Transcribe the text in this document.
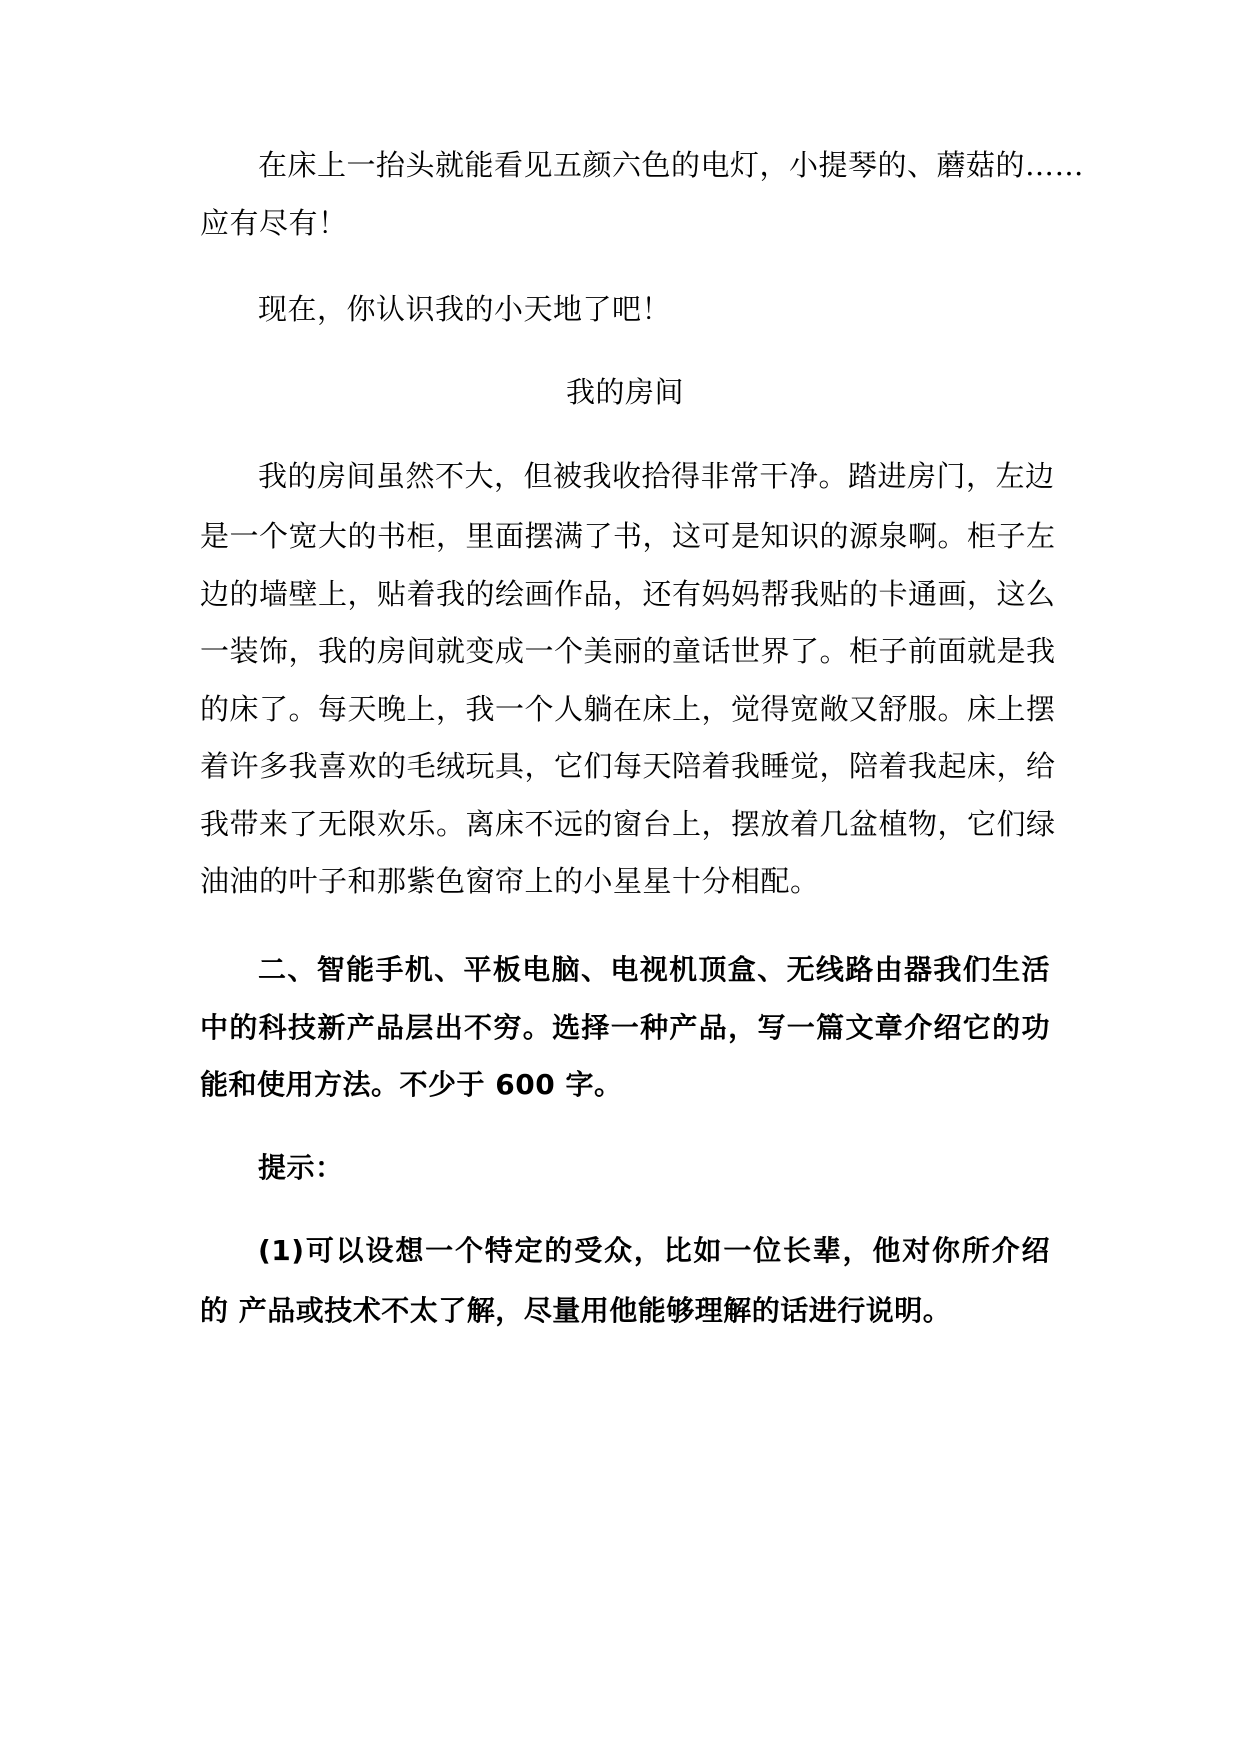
在床上一抬头就能看见五颜六色的电灯，小提琴的、蘑菇的……
应有尽有！
现在，你认识我的小天地了吧！
我的房间
我的房间虽然不大，但被我收拾得非常干净。踏进房门，左边
是一个宽大的书柜，里面摆满了书，这可是知识的源泉啊。柜子左
边的墙壁上，贴着我的绘画作品，还有妈妈帮我贴的卡通画，这么
一装饰，我的房间就变成一个美丽的童话世界了。柜子前面就是我
的床了。每天晚上，我一个人躺在床上，觉得宽敞又舒服。床上摆
着许多我喜欢的毛绒玩具，它们每天陪着我睡觉，陪着我起床，给
我带来了无限欢乐。离床不远的窗台上，摆放着几盆植物，它们绿
油油的叶子和那紫色窗帘上的小星星十分相配。
二、智能手机、平板电脑、电视机顶盒、无线路由器我们生活
中的科技新产品层出不穷。选择一种产品，写一篇文章介绍它的功
能和使用方法。不少于 600 字。
提示：
(1)可以设想一个特定的受众，比如一位长辈，他对你所介绍
的 产品或技术不太了解，尽量用他能够理解的话进行说明。
